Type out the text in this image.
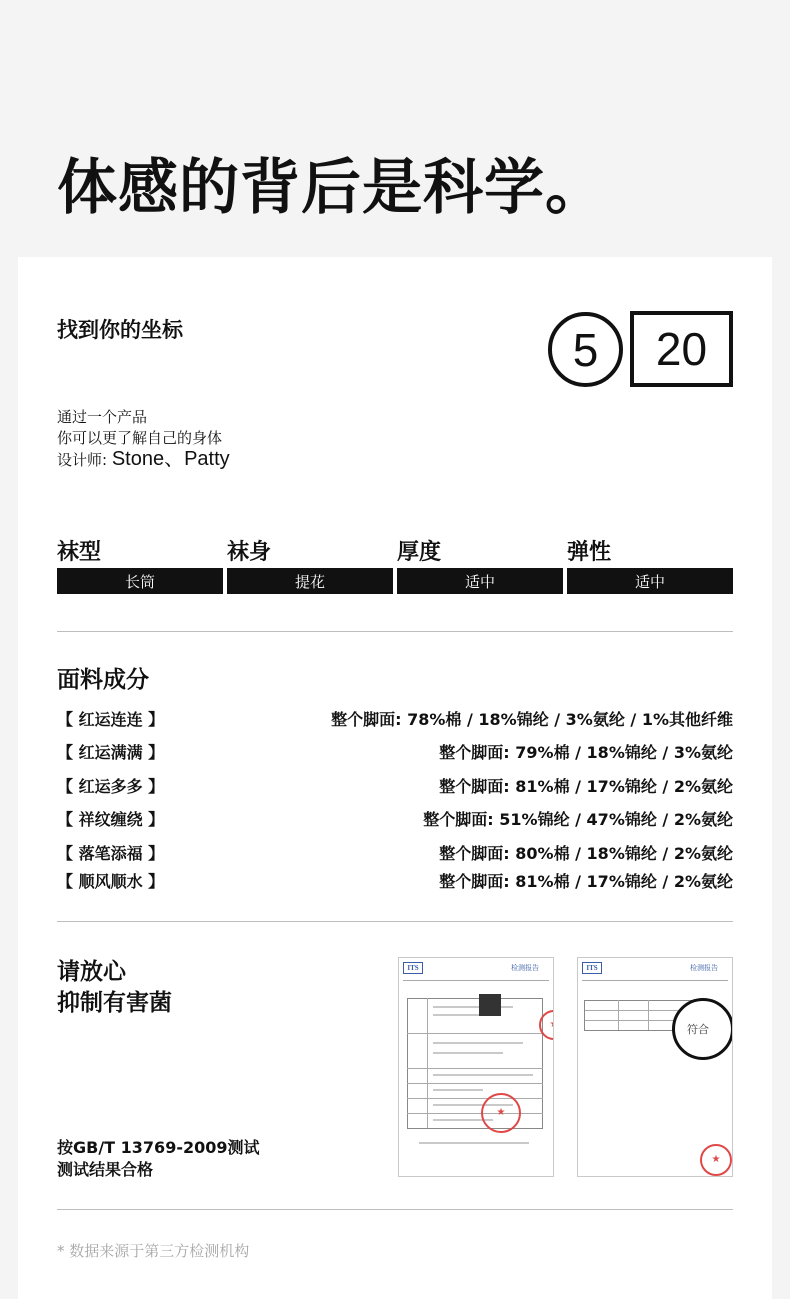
体感的背后是科学。
找到你的坐标	5	20
通过一个产品
你可以更了解自己的身体
设计师: Stone、Patty
袜型
长筒
袜身
提花
厚度
适中
弹性
适中
面料成分
【 红运连连 】	整个脚面: 78%棉 / 18%锦纶 / 3%氨纶 / 1%其他纤维
【 红运满满 】	整个脚面: 79%棉 / 18%锦纶 / 3%氨纶
【 红运多多 】	整个脚面: 81%棉 / 17%锦纶 / 2%氨纶
【 祥纹缠绕 】	整个脚面: 51%锦纶 / 47%锦纶 / 2%氨纶
【 落笔添福 】	整个脚面: 80%棉 / 18%锦纶 / 2%氨纶
【 顺风顺水 】	整个脚面: 81%棉 / 17%锦纶 / 2%氨纶
请放心
抑制有害菌
按GB/T 13769-2009测试
测试结果合格
ITS	检测报告
★
★	ITS	检测报告
符合
★
* 数据来源于第三方检测机构
